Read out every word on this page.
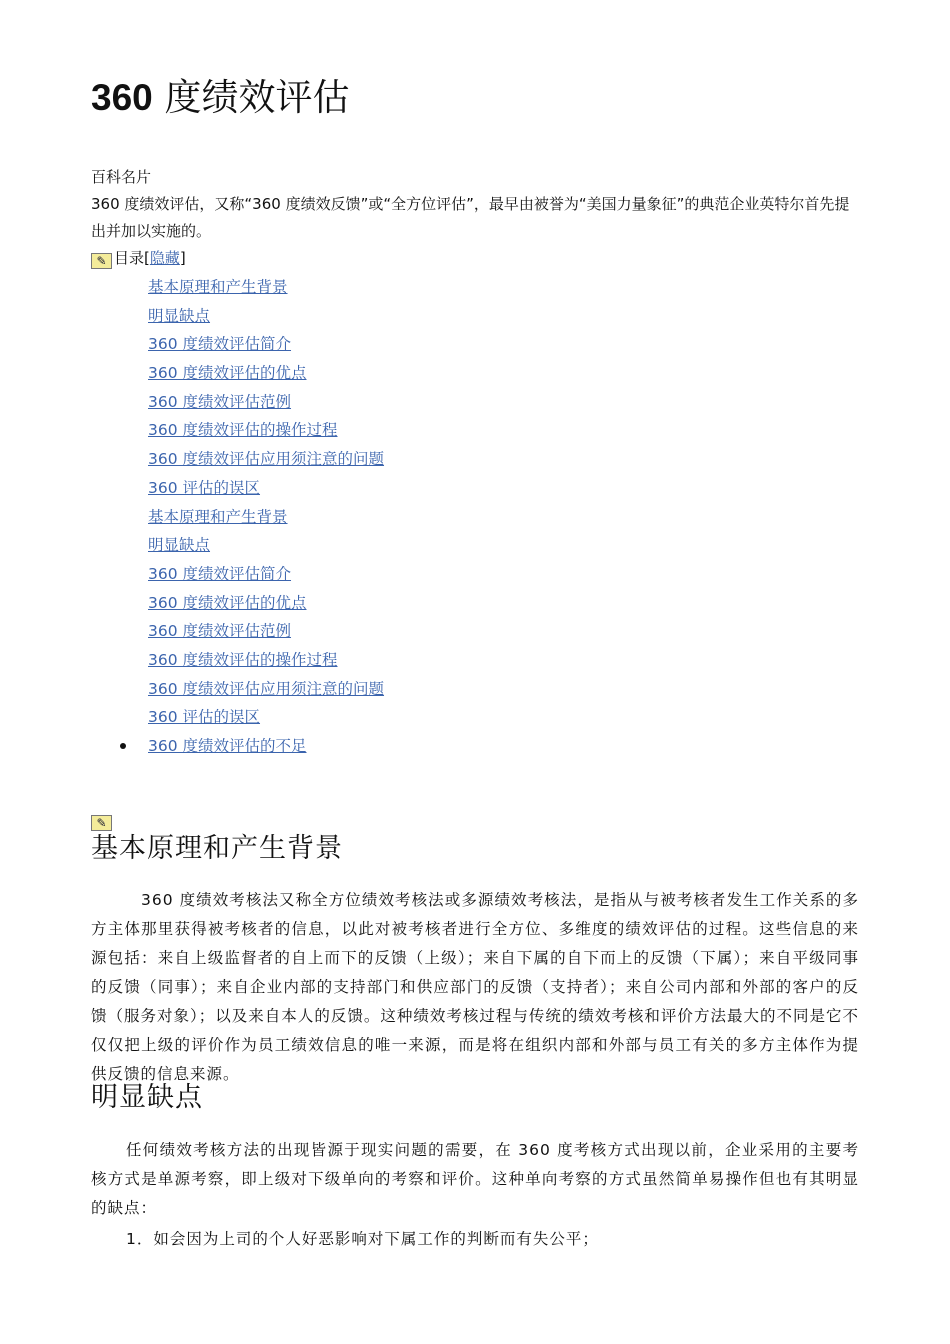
360 度绩效评估
百科名片

360 度绩效评估，又称“360 度绩效反馈”或“全方位评估”，最早由被誉为“美国力量象征”的典范企业英特尔首先提出并加以实施的。

✎ 目录[隐藏]
基本原理和产生背景
明显缺点
360 度绩效评估简介
360 度绩效评估的优点
360 度绩效评估范例
360 度绩效评估的操作过程
360 度绩效评估应用须注意的问题
360 评估的误区
基本原理和产生背景
明显缺点
360 度绩效评估简介
360 度绩效评估的优点
360 度绩效评估范例
360 度绩效评估的操作过程
360 度绩效评估应用须注意的问题
360 评估的误区
360 度绩效评估的不足
✎
基本原理和产生背景

360 度绩效考核法又称全方位绩效考核法或多源绩效考核法，是指从与被考核者发生工作关系的多方主体那里获得被考核者的信息，以此对被考核者进行全方位、多维度的绩效评估的过程。这些信息的来源包括：来自上级监督者的自上而下的反馈（上级）；来自下属的自下而上的反馈（下属）；来自平级同事的反馈（同事）；来自企业内部的支持部门和供应部门的反馈（支持者）；来自公司内部和外部的客户的反馈（服务对象）；以及来自本人的反馈。这种绩效考核过程与传统的绩效考核和评价方法最大的不同是它不仅仅把上级的评价作为员工绩效信息的唯一来源，而是将在组织内部和外部与员工有关的多方主体作为提供反馈的信息来源。

明显缺点

任何绩效考核方法的出现皆源于现实问题的需要，在 360 度考核方式出现以前，企业采用的主要考核方式是单源考察，即上级对下级单向的考察和评价。这种单向考察的方式虽然简单易操作但也有其明显的缺点：

1．如会因为上司的个人好恶影响对下属工作的判断而有失公平；
